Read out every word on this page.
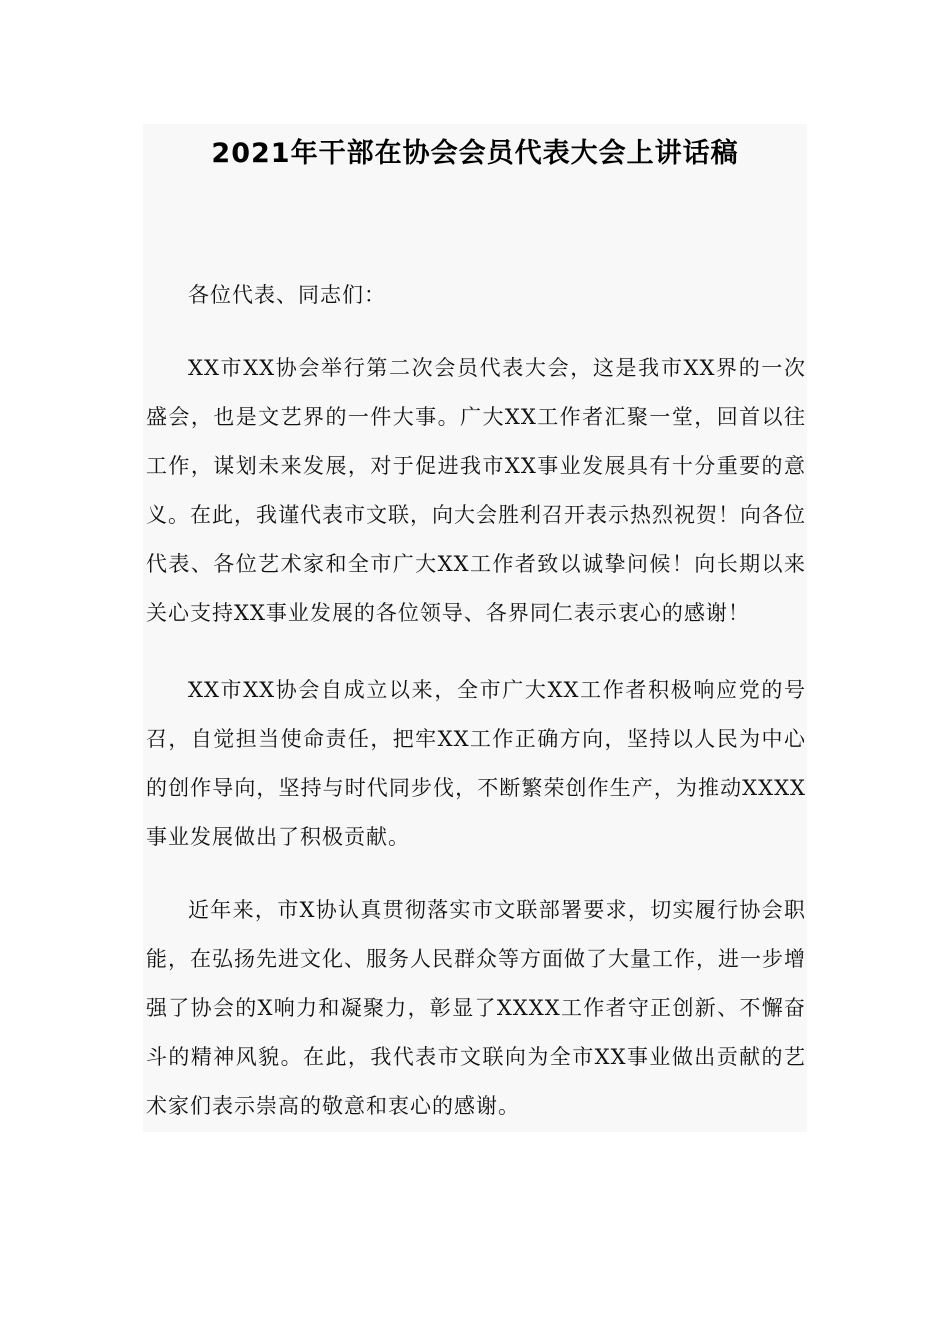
2021年干部在协会会员代表大会上讲话稿

各位代表、同志们：

XX市XX协会举行第二次会员代表大会，这是我市XX界的一次盛会，也是文艺界的一件大事。广大XX工作者汇聚一堂，回首以往工作，谋划未来发展，对于促进我市XX事业发展具有十分重要的意义。在此，我谨代表市文联，向大会胜利召开表示热烈祝贺！向各位代表、各位艺术家和全市广大XX工作者致以诚挚问候！向长期以来关心支持XX事业发展的各位领导、各界同仁表示衷心的感谢！

XX市XX协会自成立以来，全市广大XX工作者积极响应党的号召，自觉担当使命责任，把牢XX工作正确方向，坚持以人民为中心的创作导向，坚持与时代同步伐，不断繁荣创作生产，为推动XXXX事业发展做出了积极贡献。

近年来，市X协认真贯彻落实市文联部署要求，切实履行协会职能，在弘扬先进文化、服务人民群众等方面做了大量工作，进一步增强了协会的X响力和凝聚力，彰显了XXXX工作者守正创新、不懈奋斗的精神风貌。在此，我代表市文联向为全市XX事业做出贡献的艺术家们表示崇高的敬意和衷心的感谢。
